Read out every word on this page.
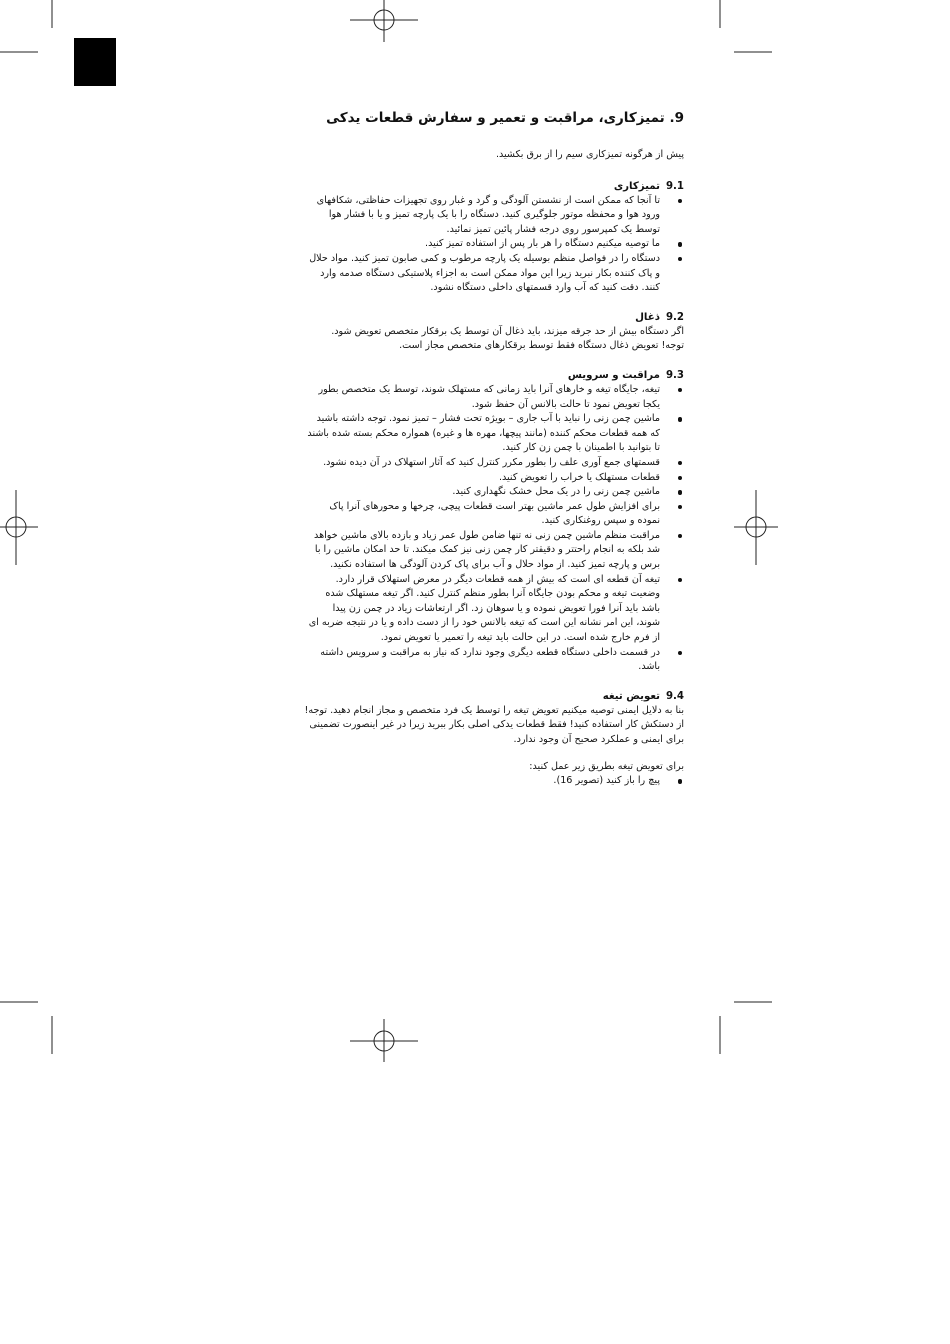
9. تمیزکاری، مراقبت و تعمیر و سفارش قطعات یدکی

پیش از هرگونه تمیزکاری سیم را از برق بکشید.

9.1تمیزکاری
تا آنجا که ممکن است از نشستن آلودگی و گرد و غبار روی تجهیزات حفاظتی، شکافهای ورود هوا و محفظه موتور جلوگیری کنید. دستگاه را با یک پارچه تمیز و یا با فشار هوا توسط یک کمپرسور روی درجه فشار پائین تمیز نمائید.
ما توصیه میکنیم دستگاه را هر بار پس از استفاده تمیز کنید.
دستگاه را در فواصل منظم بوسیله یک پارچه مرطوب و کمی صابون تمیز کنید. مواد حلال و پاک کننده بکار نبرید زیرا این مواد ممکن است به اجزاء پلاستیکی دستگاه صدمه وارد کنند. دقت کنید که آب وارد قسمتهای داخلی دستگاه نشود.
9.2ذغال

اگر دستگاه بیش از حد جرقه میزند، باید ذغال آن توسط یک برقکار متخصص تعویض شود.

توجه! تعویض ذغال دستگاه فقط توسط برقکارهای متخصص مجاز است.

9.3مراقبت و سرویس
تیغه، جایگاه تیغه و خارهای آنرا باید زمانی که مستهلک شوند، توسط یک متخصص بطور یکجا تعویض نمود تا حالت بالانس آن حفظ شود.
ماشین چمن زنی را نباید با آب جاری – بویژه تحت فشار – تمیز نمود. توجه داشته باشید که همه قطعات محکم کننده (مانند پیچها، مهره ها و غیره) همواره محکم بسته شده باشند تا بتوانید با اطمینان با چمن زن کار کنید.
قسمتهای جمع آوری علف را بطور مکرر کنترل کنید که آثار استهلاک در آن دیده نشود.
قطعات مستهلک یا خراب را تعویض کنید.
ماشین چمن زنی را در یک محل خشک نگهداری کنید.
برای افزایش طول عمر ماشین بهتر است قطعات پیچی، چرخها و محورهای آنرا پاک نموده و سپس روغنکاری کنید.
مراقبت منظم ماشین چمن زنی نه تنها ضامن طول عمر زیاد و بازده بالای ماشین خواهد شد بلکه به انجام راحتتر و دقیقتر کار چمن زنی نیز کمک میکند. تا حد امکان ماشین را با برس و پارچه تمیز کنید. از مواد حلال و آب برای پاک کردن آلودگی ها استفاده نکنید.
تیغه آن قطعه ای است که بیش از همه قطعات دیگر در معرض استهلاک قرار دارد. وضعیت تیغه و محکم بودن جایگاه آنرا بطور منظم کنترل کنید. اگر تیغه مستهلک شده باشد باید آنرا فورا تعویض نموده و یا سوهان زد. اگر ارتعاشات زیاد در چمن زن پیدا شوند، این امر نشانه این است که تیغه بالانس خود را از دست داده و یا در نتیجه ضربه ای از فرم خارج شده است. در این حالت باید تیغه را تعمیر یا تعویض نمود.
در قسمت داخلی دستگاه قطعه دیگری وجود ندارد که نیاز به مراقبت و سرویس داشته باشد.
9.4تعویض تیغه

بنا به دلایل ایمنی توصیه میکنیم تعویض تیغه را توسط یک فرد متخصص و مجاز انجام دهید. توجه! از دستکش کار استفاده کنید! فقط قطعات یدکی اصلی بکار ببرید زیرا در غیر اینصورت تضمینی برای ایمنی و عملکرد صحیح آن وجود ندارد.

برای تعویض تیغه بطریق زیر عمل کنید:

پیچ را باز کنید (تصویر 16).
